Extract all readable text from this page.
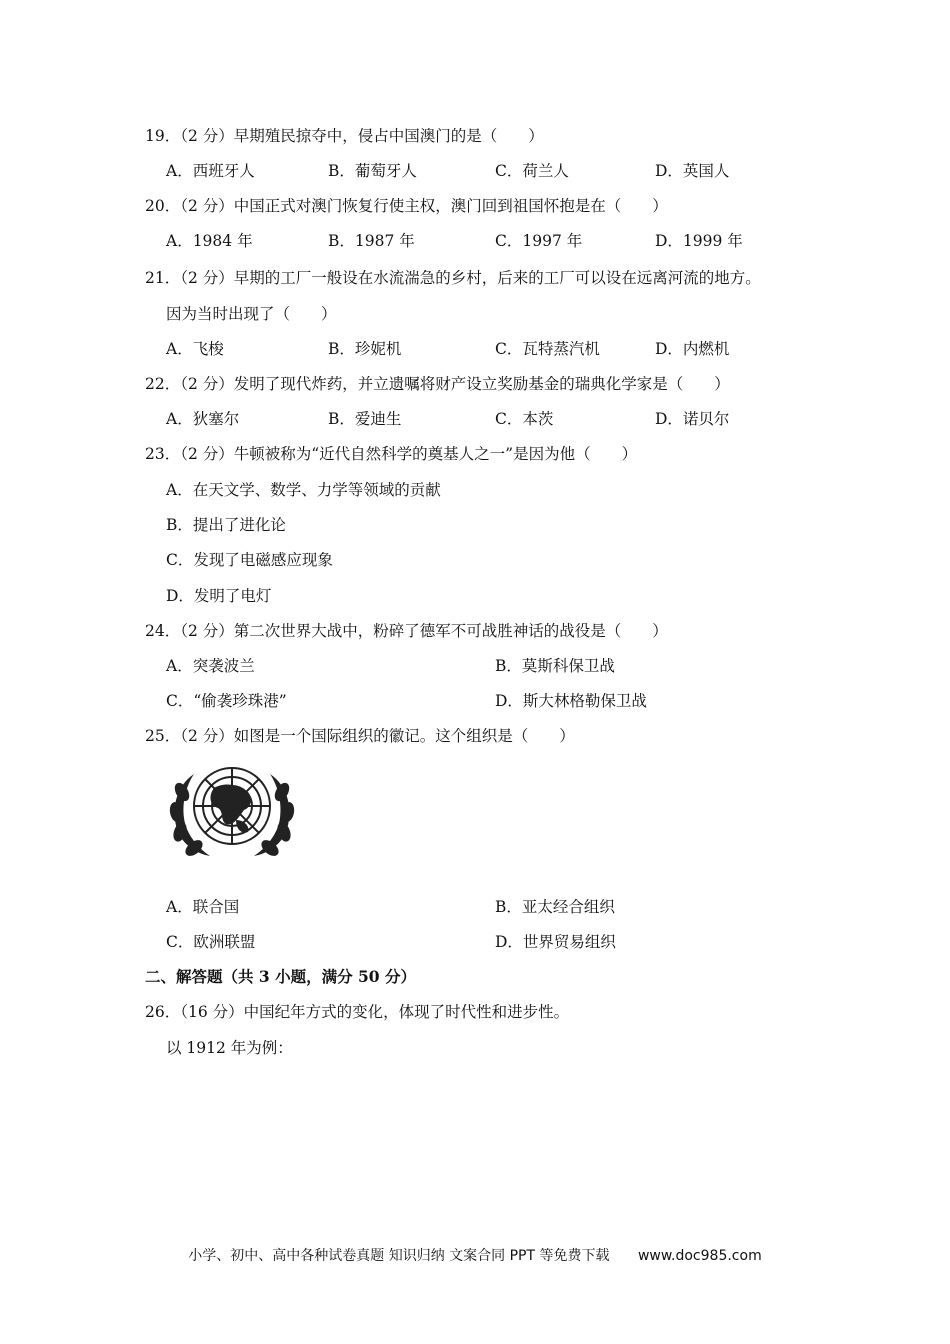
19．（2 分）早期殖民掠夺中，侵占中国澳门的是（　　）
A．西班牙人	B．葡萄牙人	C．荷兰人	D．英国人
20．（2 分）中国正式对澳门恢复行使主权，澳门回到祖国怀抱是在（　　）
A．1984 年	B．1987 年	C．1997 年	D．1999 年
21．（2 分）早期的工厂一般设在水流湍急的乡村，后来的工厂可以设在远离河流的地方。
因为当时出现了（　　）
A．飞梭	B．珍妮机	C．瓦特蒸汽机	D．内燃机
22．（2 分）发明了现代炸药，并立遗嘱将财产设立奖励基金的瑞典化学家是（　　）
A．狄塞尔	B．爱迪生	C．本茨	D．诺贝尔
23．（2 分）牛顿被称为“近代自然科学的奠基人之一”是因为他（　　）
A．在天文学、数学、力学等领域的贡献
B．提出了进化论
C．发现了电磁感应现象
D．发明了电灯
24．（2 分）第二次世界大战中，粉碎了德军不可战胜神话的战役是（　　）
A．突袭波兰	B．莫斯科保卫战
C．“偷袭珍珠港”	D．斯大林格勒保卫战
25．（2 分）如图是一个国际组织的徽记。这个组织是（　　）
A．联合国	B．亚太经合组织
C．欧洲联盟	D．世界贸易组织
二、解答题（共 3 小题，满分 50 分）
26．（16 分）中国纪年方式的变化，体现了时代性和进步性。
以 1912 年为例：
小学、初中、高中各种试卷真题 知识归纳 文案合同 PPT 等免费下载 www.doc985.com
